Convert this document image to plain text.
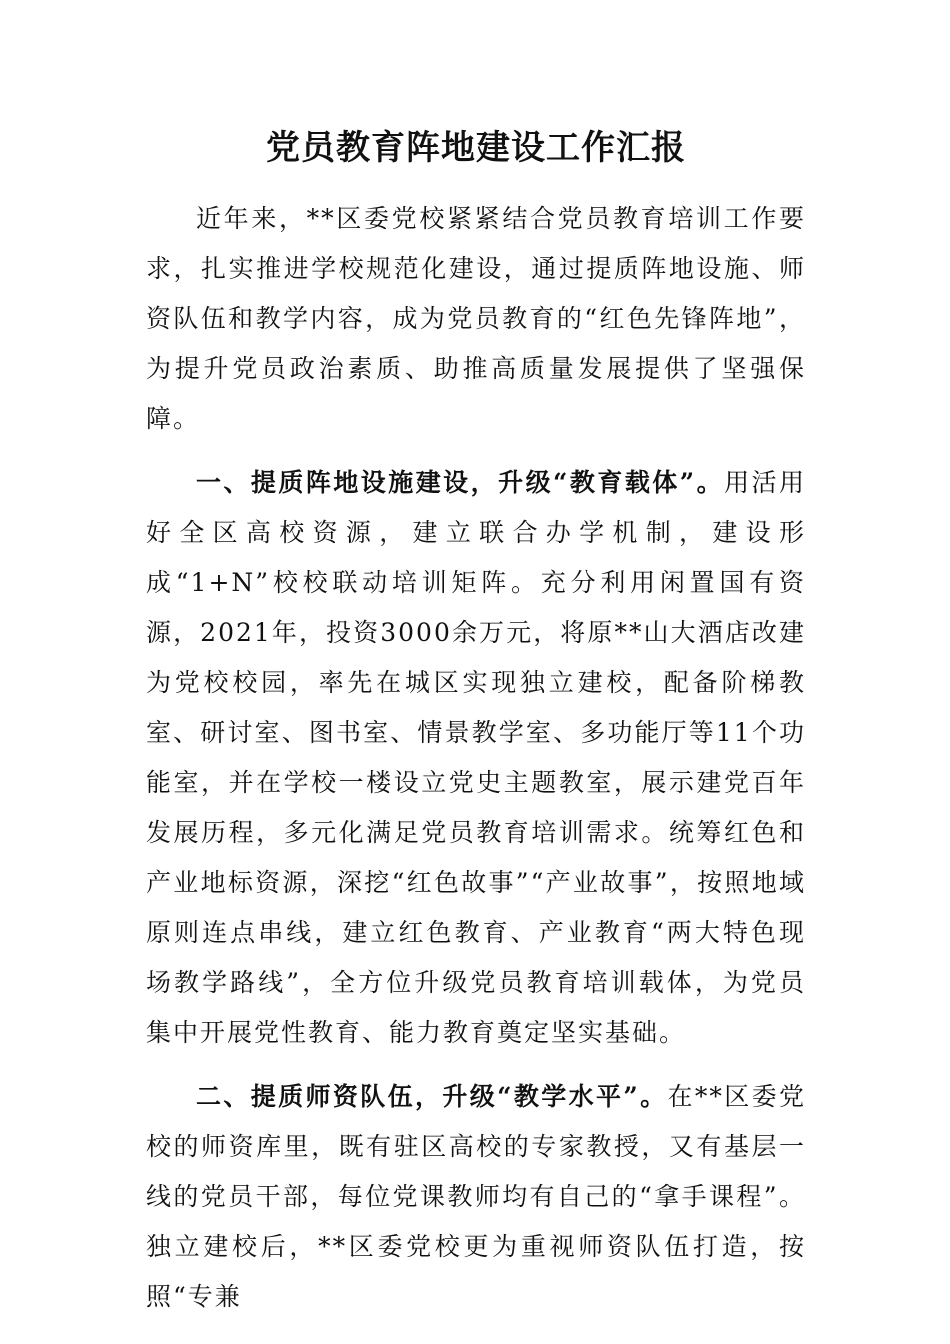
党员教育阵地建设工作汇报

近年来，**区委党校紧紧结合党员教育培训工作要求，扎实推进学校规范化建设，通过提质阵地设施、师资队伍和教学内容，成为党员教育的“红色先锋阵地”，为提升党员政治素质、助推高质量发展提供了坚强保障。

一、提质阵地设施建设，升级“教育载体”。用活用好全区高校资源，建立联合办学机制，建设形成“1+N”校校联动培训矩阵。充分利用闲置国有资源，2021年，投资3000余万元，将原**山大酒店改建为党校校园，率先在城区实现独立建校，配备阶梯教室、研讨室、图书室、情景教学室、多功能厅等11个功能室，并在学校一楼设立党史主题教室，展示建党百年发展历程，多元化满足党员教育培训需求。统筹红色和产业地标资源，深挖“红色故事”“产业故事”，按照地域原则连点串线，建立红色教育、产业教育“两大特色现场教学路线”，全方位升级党员教育培训载体，为党员集中开展党性教育、能力教育奠定坚实基础。

二、提质师资队伍，升级“教学水平”。在**区委党校的师资库里，既有驻区高校的专家教授，又有基层一线的党员干部，每位党课教师均有自己的“拿手课程”。独立建校后，**区委党校更为重视师资队伍打造，按照“专兼
